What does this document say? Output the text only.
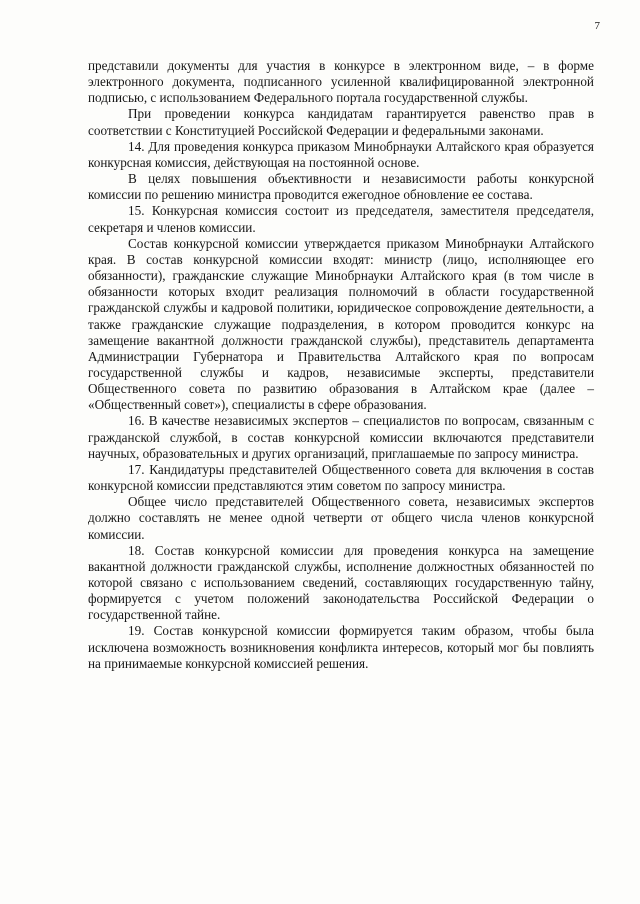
7

представили документы для участия в конкурсе в электронном виде, – в форме электронного документа, подписанного усиленной квалифицированной электронной подписью, с использованием Федерального портала государственной службы.

При проведении конкурса кандидатам гарантируется равенство прав в соответствии с Конституцией Российской Федерации и федеральными законами.

14. Для проведения конкурса приказом Минобрнауки Алтайского края образуется конкурсная комиссия, действующая на постоянной основе.

В целях повышения объективности и независимости работы конкурсной комиссии по решению министра проводится ежегодное обновление ее состава.

15. Конкурсная комиссия состоит из председателя, заместителя председателя, секретаря и членов комиссии.

Состав конкурсной комиссии утверждается приказом Минобрнауки Алтайского края. В состав конкурсной комиссии входят: министр (лицо, исполняющее его обязанности), гражданские служащие Минобрнауки Алтайского края (в том числе в обязанности которых входит реализация полномочий в области государственной гражданской службы и кадровой политики, юридическое сопровождение деятельности, а также гражданские служащие подразделения, в котором проводится конкурс на замещение вакантной должности гражданской службы), представитель департамента Администрации Губернатора и Правительства Алтайского края по вопросам государственной службы и кадров, независимые эксперты, представители Общественного совета по развитию образования в Алтайском крае (далее – «Общественный совет»), специалисты в сфере образования.

16. В качестве независимых экспертов – специалистов по вопросам, связанным с гражданской службой, в состав конкурсной комиссии включаются представители научных, образовательных и других организаций, приглашаемые по запросу министра.

17. Кандидатуры представителей Общественного совета для включения в состав конкурсной комиссии представляются этим советом по запросу министра.

Общее число представителей Общественного совета, независимых экспертов должно составлять не менее одной четверти от общего числа членов конкурсной комиссии.

18. Состав конкурсной комиссии для проведения конкурса на замещение вакантной должности гражданской службы, исполнение должностных обязанностей по которой связано с использованием сведений, составляющих государственную тайну, формируется с учетом положений законодательства Российской Федерации о государственной тайне.

19. Состав конкурсной комиссии формируется таким образом, чтобы была исключена возможность возникновения конфликта интересов, который мог бы повлиять на принимаемые конкурсной комиссией решения.
